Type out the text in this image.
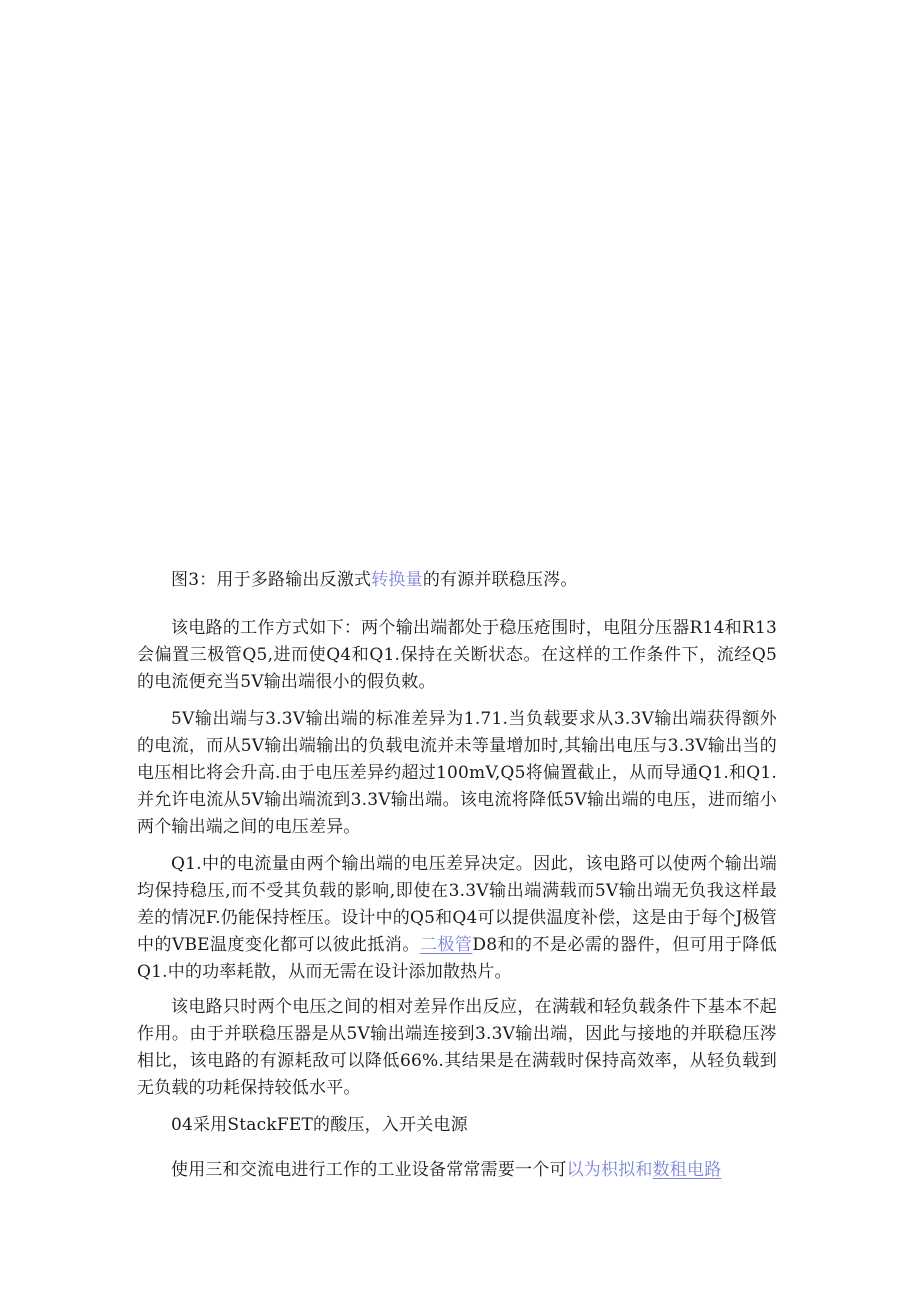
图3：用于多路输出反激式转换量的有源并联稳压涔。

该电路的工作方式如下：两个输出端都处于稳压疮围时，电阻分压器R14和R13会偏置三极管Q5,进而使Q4和Q1.保持在关断状态。在这样的工作条件下，流经Q5的电流便充当5V输出端很小的假负敕。

5V输出端与3.3V输出端的标准差异为1.71.当负载要求从3.3V输出端获得额外的电流，而从5V输出端输出的负载电流并未等量增加时,其输出电压与3.3V输出当的电压相比将会升高.由于电压差异约超过100mV,Q5将偏置截止，从而导通Q1.和Q1.并允许电流从5V输出端流到3.3V输出端。该电流将降低5V输出端的电压，进而缩小两个输出端之间的电压差异。

Q1.中的电流量由两个输出端的电压差异决定。因此，该电路可以使两个输出端均保持稳压,而不受其负载的影响,即使在3.3V输出端满载而5V输出端无负我这样最差的情况F.仍能保持桎压。设计中的Q5和Q4可以提供温度补偿，这是由于每个J极管中的VBE温度变化都可以彼此抵消。二极管D8和的不是必需的器件，但可用于降低Q1.中的功率耗散，从而无需在设计添加散热片。

该电路只时两个电压之间的相对差异作出反应，在满载和轻负载条件下基本不起作用。由于并联稳压器是从5V输出端连接到3.3V输出端，因此与接地的并联稳压涔相比，该电路的有源耗敌可以降低66%.其结果是在满载时保持高效率，从轻负载到无负载的功耗保持较低水平。

04采用StackFET的酸压，入开关电源

使用三和交流电进行工作的工业设备常常需要一个可以为枳拟和数租电路
